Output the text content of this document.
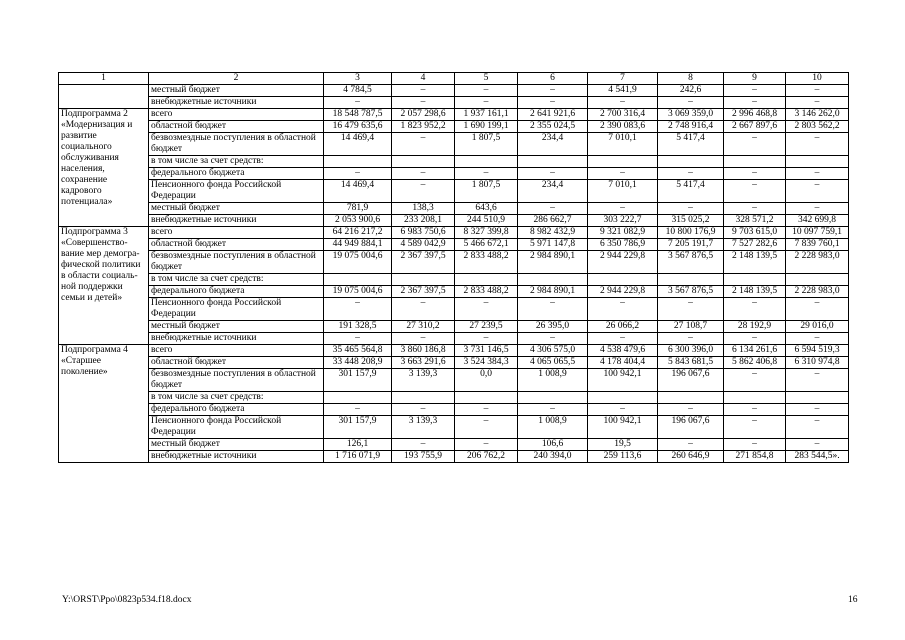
1	2	3	4	5	6	7	8	9	10
	местный бюджет	4 784,5	–	–	–	4 541,9	242,6	–	–
	внебюджетные источники	–	–	–	–	–	–	–	–
Подпрограмма 2 «Модернизация и развитие социального обслуживания населения, сохранение кадрового потенциала»	всего	18 548 787,5	2 057 298,6	1 937 161,1	2 641 921,6	2 700 316,4	3 069 359,0	2 996 468,8	3 146 262,0
	областной бюджет	16 479 635,6	1 823 952,2	1 690 199,1	2 355 024,5	2 390 083,6	2 748 916,4	2 667 897,6	2 803 562,2
	безвозмездные поступления в областной бюджет	14 469,4	–	1 807,5	234,4	7 010,1	5 417,4	–	–
	в том числе за счет средств:								
	федерального бюджета	–	–	–	–	–	–	–	–
	Пенсионного фонда Российской Федерации	14 469,4	–	1 807,5	234,4	7 010,1	5 417,4	–	–
	местный бюджет	781,9	138,3	643,6	–	–	–	–	–
	внебюджетные источники	2 053 900,6	233 208,1	244 510,9	286 662,7	303 222,7	315 025,2	328 571,2	342 699,8
Подпрограмма 3 «Совершенство-вание мер демогра-фической политики в области социаль-ной поддержки семьи и детей»	всего	64 216 217,2	6 983 750,6	8 327 399,8	8 982 432,9	9 321 082,9	10 800 176,9	9 703 615,0	10 097 759,1
	областной бюджет	44 949 884,1	4 589 042,9	5 466 672,1	5 971 147,8	6 350 786,9	7 205 191,7	7 527 282,6	7 839 760,1
	безвозмездные поступления в областной бюджет	19 075 004,6	2 367 397,5	2 833 488,2	2 984 890,1	2 944 229,8	3 567 876,5	2 148 139,5	2 228 983,0
	в том числе за счет средств:								
	федерального бюджета	19 075 004,6	2 367 397,5	2 833 488,2	2 984 890,1	2 944 229,8	3 567 876,5	2 148 139,5	2 228 983,0
	Пенсионного фонда Российской Федерации	–	–	–	–	–	–	–	–
	местный бюджет	191 328,5	27 310,2	27 239,5	26 395,0	26 066,2	27 108,7	28 192,9	29 016,0
	внебюджетные источники	–	–	–	–	–	–	–	–
Подпрограмма 4 «Старшее поколение»	всего	35 465 564,8	3 860 186,8	3 731 146,5	4 306 575,0	4 538 479,6	6 300 396,0	6 134 261,6	6 594 519,3
	областной бюджет	33 448 208,9	3 663 291,6	3 524 384,3	4 065 065,5	4 178 404,4	5 843 681,5	5 862 406,8	6 310 974,8
	безвозмездные поступления в областной бюджет	301 157,9	3 139,3	0,0	1 008,9	100 942,1	196 067,6	–	–
	в том числе за счет средств:								
	федерального бюджета	–	–	–	–	–	–	–	–
	Пенсионного фонда Российской Федерации	301 157,9	3 139,3	–	1 008,9	100 942,1	196 067,6	–	–
	местный бюджет	126,1	–	–	106,6	19,5	–	–	–
	внебюджетные источники	1 716 071,9	193 755,9	206 762,2	240 394,0	259 113,6	260 646,9	271 854,8	283 544,5».
Y:\ORST\Ppo\0823p534.f18.docx	16
